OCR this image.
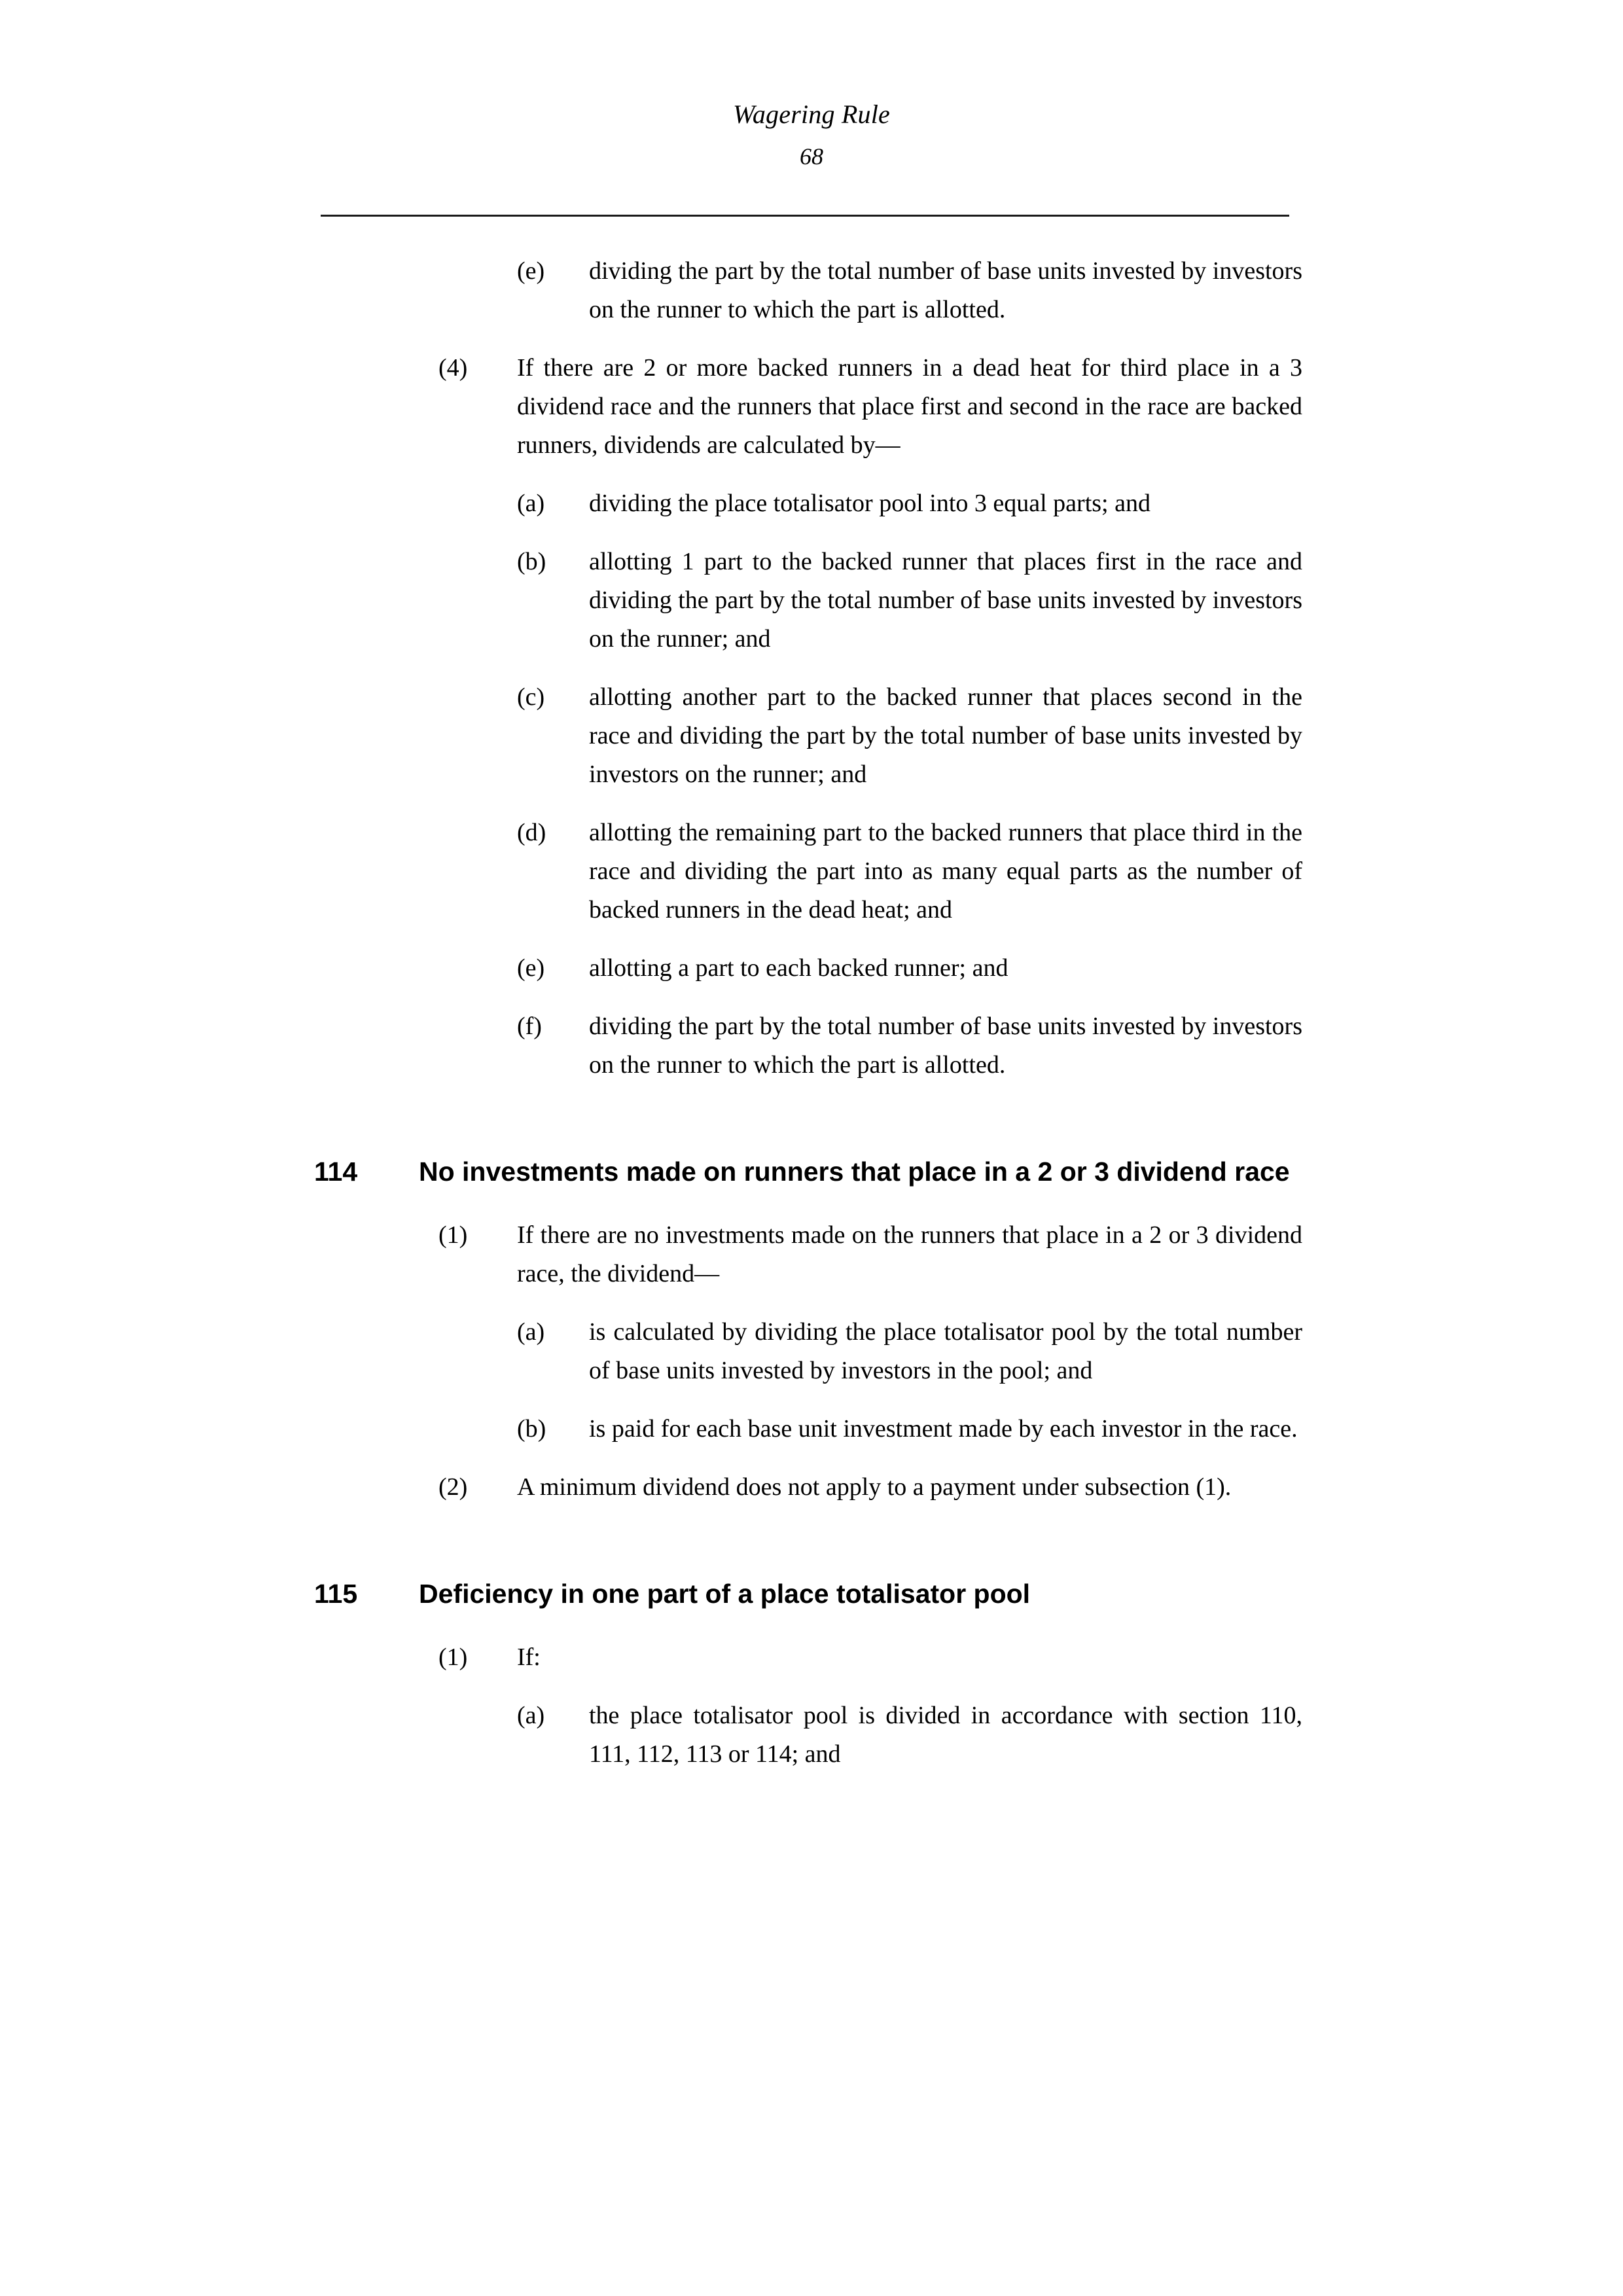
Wagering Rule
68
(e) dividing the part by the total number of base units invested by investors on the runner to which the part is allotted.
(4) If there are 2 or more backed runners in a dead heat for third place in a 3 dividend race and the runners that place first and second in the race are backed runners, dividends are calculated by—
(a) dividing the place totalisator pool into 3 equal parts; and
(b) allotting 1 part to the backed runner that places first in the race and dividing the part by the total number of base units invested by investors on the runner; and
(c) allotting another part to the backed runner that places second in the race and dividing the part by the total number of base units invested by investors on the runner; and
(d) allotting the remaining part to the backed runners that place third in the race and dividing the part into as many equal parts as the number of backed runners in the dead heat; and
(e) allotting a part to each backed runner; and
(f) dividing the part by the total number of base units invested by investors on the runner to which the part is allotted.
114 No investments made on runners that place in a 2 or 3 dividend race
(1) If there are no investments made on the runners that place in a 2 or 3 dividend race, the dividend—
(a) is calculated by dividing the place totalisator pool by the total number of base units invested by investors in the pool; and
(b) is paid for each base unit investment made by each investor in the race.
(2) A minimum dividend does not apply to a payment under subsection (1).
115 Deficiency in one part of a place totalisator pool
(1) If:
(a) the place totalisator pool is divided in accordance with section 110, 111, 112, 113 or 114; and
